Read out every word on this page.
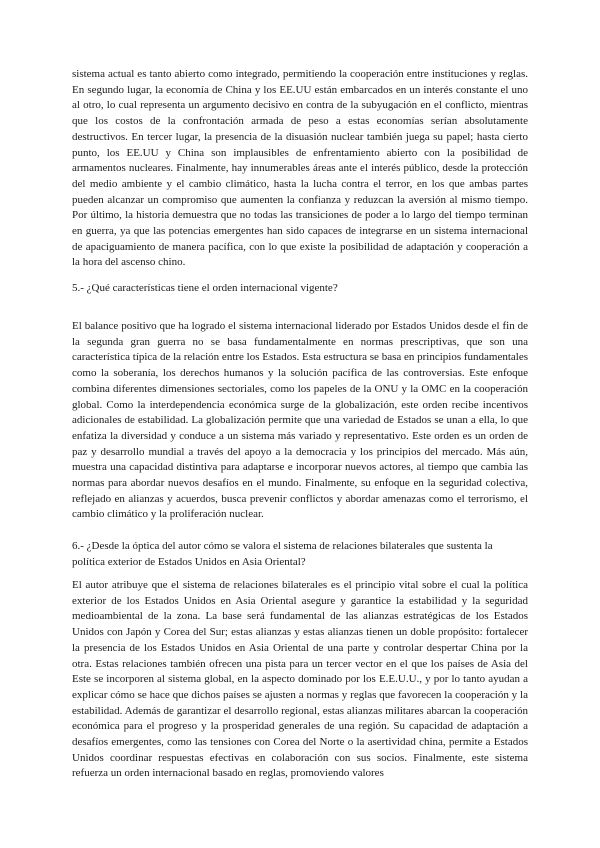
sistema actual es tanto abierto como integrado, permitiendo la cooperación entre instituciones y reglas. En segundo lugar, la economía de China y los EE.UU están embarcados en un interés constante el uno al otro, lo cual representa un argumento decisivo en contra de la subyugación en el conflicto, mientras que los costos de la confrontación armada de peso a estas economías serían absolutamente destructivos. En tercer lugar, la presencia de la disuasión nuclear también juega su papel; hasta cierto punto, los EE.UU y China son implausibles de enfrentamiento abierto con la posibilidad de armamentos nucleares. Finalmente, hay innumerables áreas ante el interés público, desde la protección del medio ambiente y el cambio climático, hasta la lucha contra el terror, en los que ambas partes pueden alcanzar un compromiso que aumenten la confianza y reduzcan la aversión al mismo tiempo. Por último, la historia demuestra que no todas las transiciones de poder a lo largo del tiempo terminan en guerra, ya que las potencias emergentes han sido capaces de integrarse en un sistema internacional de apaciguamiento de manera pacífica, con lo que existe la posibilidad de adaptación y cooperación a la hora del ascenso chino.

5.- ¿Qué características tiene el orden internacional vigente?

El balance positivo que ha logrado el sistema internacional liderado por Estados Unidos desde el fin de la segunda gran guerra no se basa fundamentalmente en normas prescriptivas, que son una característica típica de la relación entre los Estados. Esta estructura se basa en principios fundamentales como la soberanía, los derechos humanos y la solución pacífica de las controversias. Este enfoque combina diferentes dimensiones sectoriales, como los papeles de la ONU y la OMC en la cooperación global. Como la interdependencia económica surge de la globalización, este orden recibe incentivos adicionales de estabilidad. La globalización permite que una variedad de Estados se unan a ella, lo que enfatiza la diversidad y conduce a un sistema más variado y representativo. Este orden es un orden de paz y desarrollo mundial a través del apoyo a la democracia y los principios del mercado. Más aún, muestra una capacidad distintiva para adaptarse e incorporar nuevos actores, al tiempo que cambia las normas para abordar nuevos desafíos en el mundo. Finalmente, su enfoque en la seguridad colectiva, reflejado en alianzas y acuerdos, busca prevenir conflictos y abordar amenazas como el terrorismo, el cambio climático y la proliferación nuclear.

6.- ¿Desde la óptica del autor cómo se valora el sistema de relaciones bilaterales que sustenta la política exterior de Estados Unidos en Asia Oriental?

El autor atribuye que el sistema de relaciones bilaterales es el principio vital sobre el cual la política exterior de los Estados Unidos en Asia Oriental asegure y garantice la estabilidad y la seguridad medioambiental de la zona. La base será fundamental de las alianzas estratégicas de los Estados Unidos con Japón y Corea del Sur; estas alianzas y estas alianzas tienen un doble propósito: fortalecer la presencia de los Estados Unidos en Asia Oriental de una parte y controlar despertar China por la otra. Estas relaciones también ofrecen una pista para un tercer vector en el que los países de Asia del Este se incorporen al sistema global, en la aspecto dominado por los E.E.U.U., y por lo tanto ayudan a explicar cómo se hace que dichos países se ajusten a normas y reglas que favorecen la cooperación y la estabilidad. Además de garantizar el desarrollo regional, estas alianzas militares abarcan la cooperación económica para el progreso y la prosperidad generales de una región. Su capacidad de adaptación a desafíos emergentes, como las tensiones con Corea del Norte o la asertividad china, permite a Estados Unidos coordinar respuestas efectivas en colaboración con sus socios. Finalmente, este sistema refuerza un orden internacional basado en reglas, promoviendo valores
